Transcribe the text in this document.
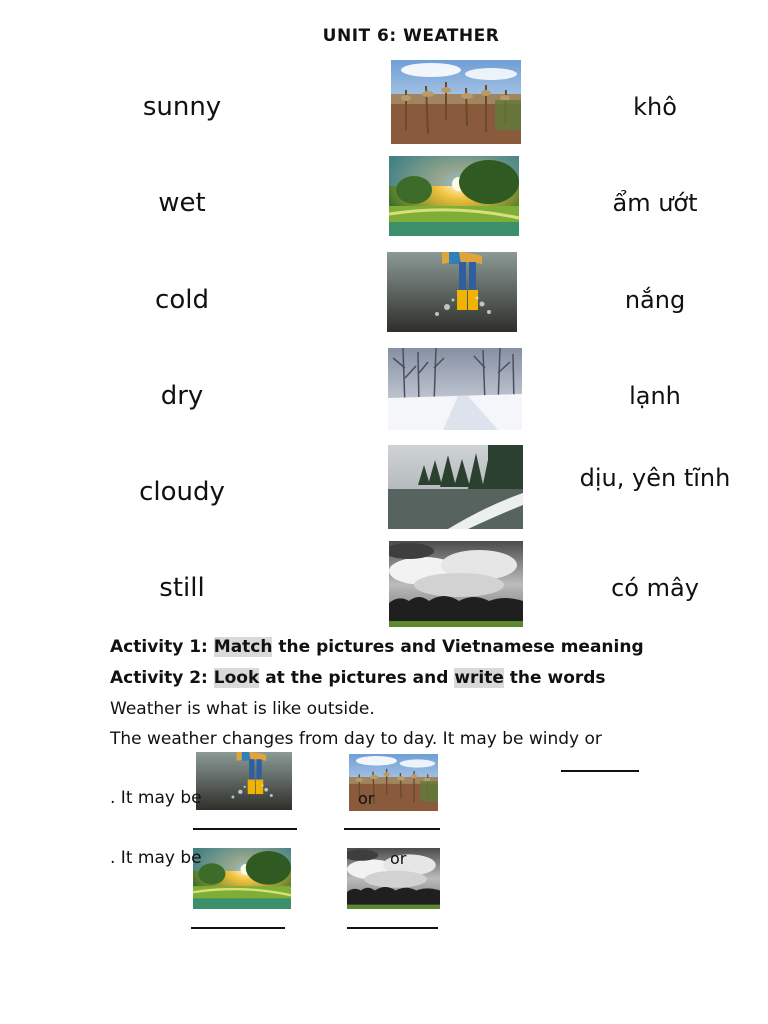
UNIT 6: WEATHER
sunny
wet
cold
dry
cloudy
still
khô
ẩm ướt
nắng
lạnh
dịu, yên tĩnh
có mây
Activity 1: Match the pictures and Vietnamese meaning
Activity 2: Look at the pictures and write the words
Weather is what is like outside.
The weather changes from day to day. It may be windy or
. It may be	or
. It may be	or
